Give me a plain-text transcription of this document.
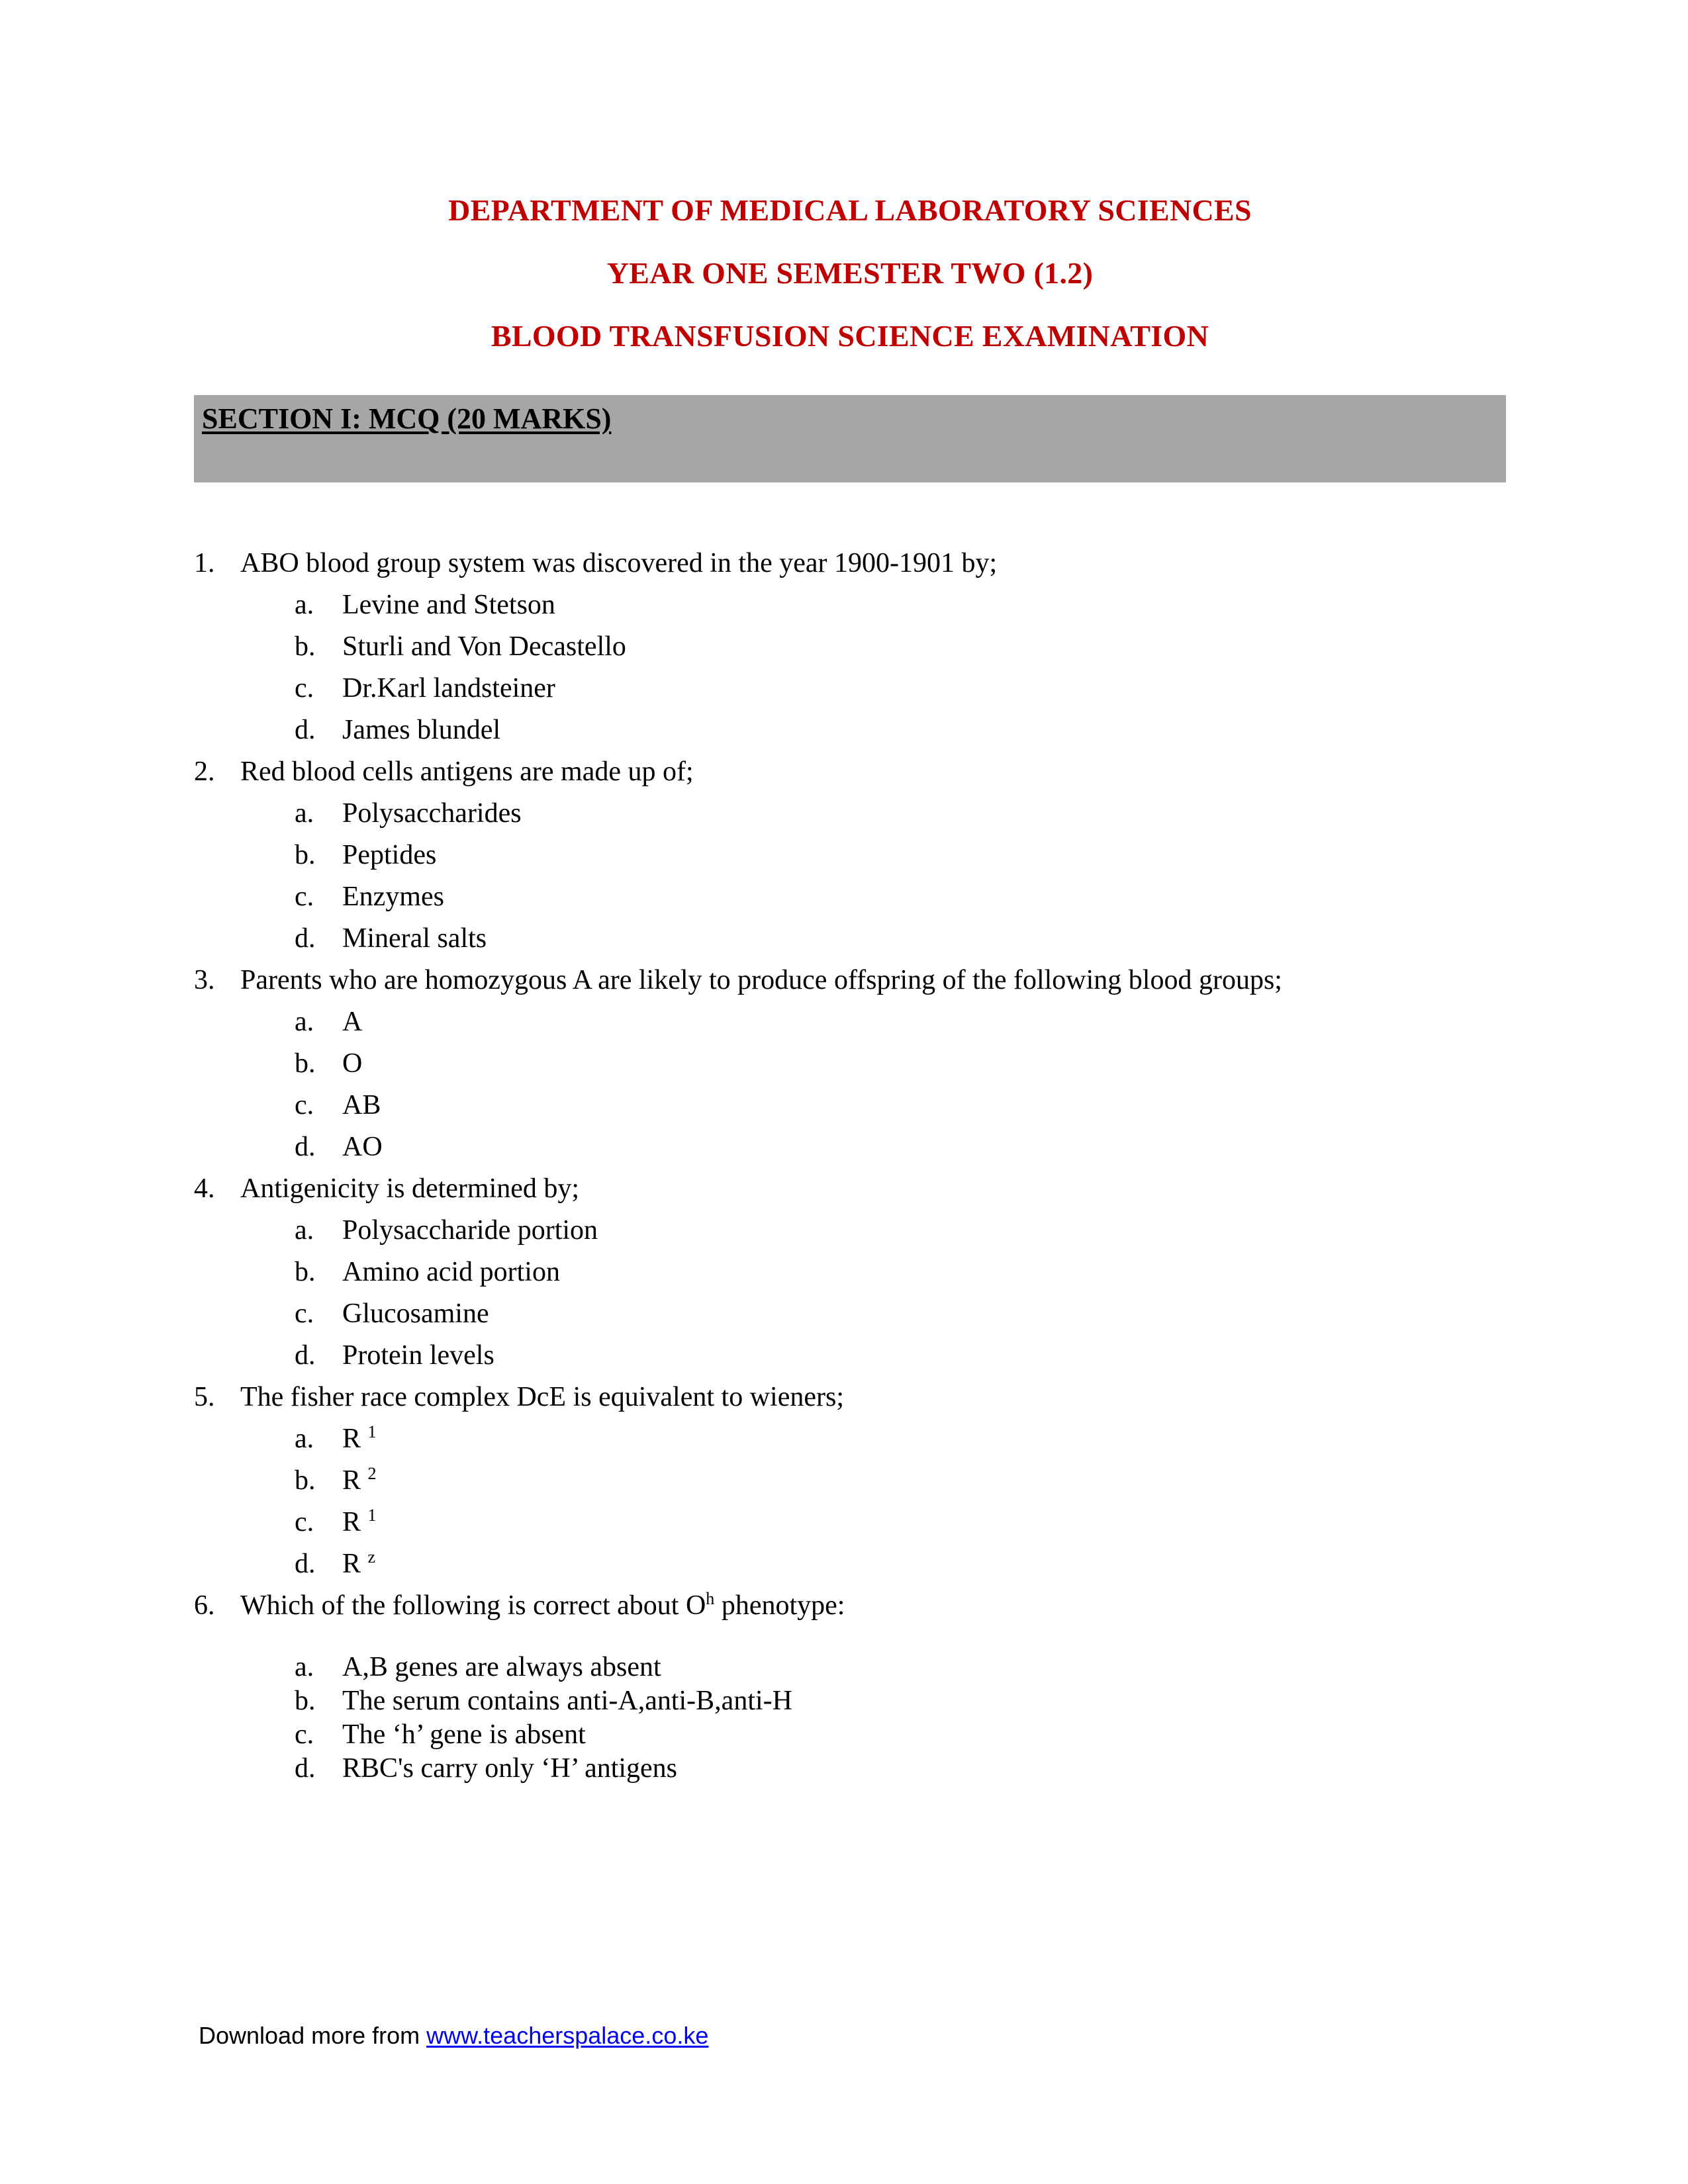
DEPARTMENT OF MEDICAL LABORATORY SCIENCES
YEAR ONE SEMESTER TWO (1.2)
BLOOD TRANSFUSION SCIENCE EXAMINATION
SECTION I: MCQ (20 MARKS)
1. ABO blood group system was discovered in the year 1900-1901 by;
a.	Levine and Stetson
b. Sturli and Von Decastello
c.	Dr.Karl landsteiner
d. James blundel
2. Red blood cells antigens are made up of;
a.	Polysaccharides
b. Peptides
c.	Enzymes
d. Mineral salts
3. Parents who are homozygous A are likely to produce offspring of the following blood groups;
a.	A
b. O
c.	AB
d. AO
4. Antigenicity is determined by;
a.	Polysaccharide portion
b. Amino acid portion
c.	Glucosamine
d. Protein levels
5. The fisher race complex DcE is equivalent to wieners;
a.	R $^1$
b. R $^2$
c.	R $^1$
d. R $^z$
6. Which of the following is correct about $O^h$ phenotype:
a.	A,B genes are always absent
b. The serum contains anti-A,anti-B,anti-H
c.	The ‘h’ gene is absent
d. RBC's carry only ‘H’ antigens
Download more from www.teacherspalace.co.ke
